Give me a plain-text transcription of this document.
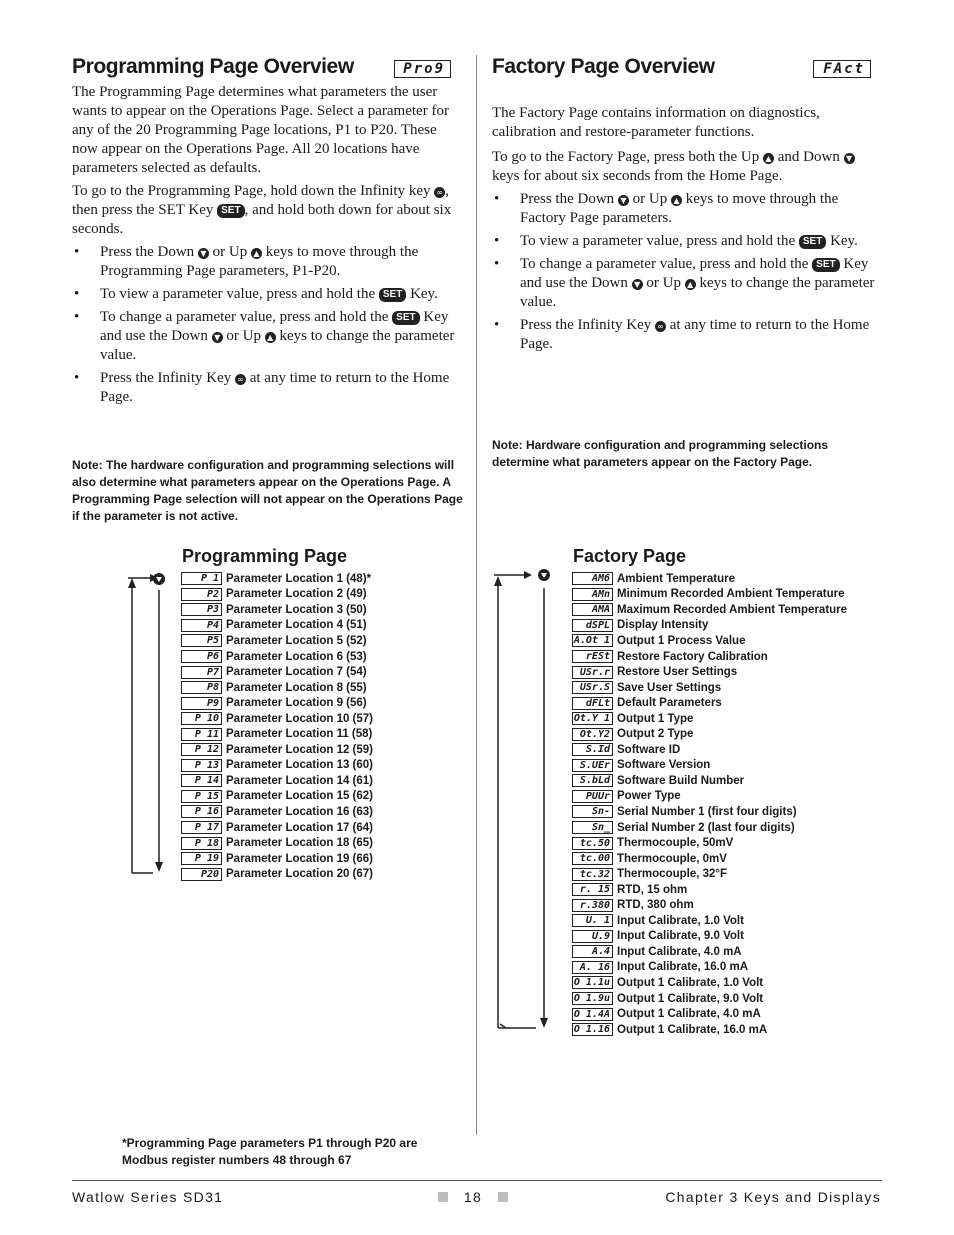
Programming Page Overview	Pro9

The Programming Page determines what parameters the user wants to appear on the Operations Page. Select a parameter for any of the 20 Programming Page locations, P1 to P20. These now appear on the Operations Page. All 20 locations have parameters selected as defaults.

To go to the Programming Page, hold down the Infinity key ∞ , then press the SET Key SET , and hold both down for about six seconds.

• Press the Down ▼ or Up ▲ keys to move through the Programming Page parameters, P1-P20.
• To view a parameter value, press and hold the SET Key.
• To change a parameter value, press and hold the SET Key and use the Down ▼ or Up ▲ keys to change the parameter value.
• Press the Infinity Key ∞ at any time to return to the Home Page.
Note: The hardware configuration and programming selections will also determine what parameters appear on the Operations Page. A Programming Page selection will not appear on the Operations Page if the parameter is not active.
Programming Page
P 1 Parameter Location 1 (48)*
P2 Parameter Location 2 (49)
P3 Parameter Location 3 (50)
P4 Parameter Location 4 (51)
P5 Parameter Location 5 (52)
P6 Parameter Location 6 (53)
P7 Parameter Location 7 (54)
P8 Parameter Location 8 (55)
P9 Parameter Location 9 (56)
P 10 Parameter Location 10 (57)
P 11 Parameter Location 11 (58)
P 12 Parameter Location 12 (59)
P 13 Parameter Location 13 (60)
P 14 Parameter Location 14 (61)
P 15 Parameter Location 15 (62)
P 16 Parameter Location 16 (63)
P 17 Parameter Location 17 (64)
P 18 Parameter Location 18 (65)
P 19 Parameter Location 19 (66)
P20 Parameter Location 20 (67)
*Programming Page parameters P1 through P20 are Modbus register numbers 48 through 67
Factory Page Overview	FAct

The Factory Page contains information on diagnostics, calibration and restore-parameter functions.

To go to the Factory Page, press both the Up ▲ and Down ▼ keys for about six seconds from the Home Page.

• Press the Down ▼ or Up ▲ keys to move through the Factory Page parameters.
• To view a parameter value, press and hold the SET Key.
• To change a parameter value, press and hold the SET Key and use the Down ▼ or Up ▲ keys to change the parameter value.
• Press the Infinity Key ∞ at any time to return to the Home Page.
Note: Hardware configuration and programming selections determine what parameters appear on the Factory Page.
Factory Page
AM6 Ambient Temperature
AMn Minimum Recorded Ambient Temperature
AMA Maximum Recorded Ambient Temperature
dSPL Display Intensity
A.Ot 1 Output 1 Process Value
rESt Restore Factory Calibration
USr.r Restore User Settings
USr.S Save User Settings
dFLt Default Parameters
Ot.Y 1 Output 1 Type
Ot.Y2 Output 2 Type
S.Id Software ID
S.UEr Software Version
S.bLd Software Build Number
PUUr Power Type
Sn- Serial Number 1 (first four digits)
Sn_ Serial Number 2 (last four digits)
tc.50 Thermocouple, 50mV
tc.00 Thermocouple, 0mV
tc.32 Thermocouple, 32°F
r. 15 RTD, 15 ohm
r.380 RTD, 380 ohm
U. 1 Input Calibrate, 1.0 Volt
U.9 Input Calibrate, 9.0 Volt
A.4 Input Calibrate, 4.0 mA
A. 16 Input Calibrate, 16.0 mA
O 1.1u Output 1 Calibrate, 1.0 Volt
O 1.9u Output 1 Calibrate, 9.0 Volt
O 1.4A Output 1 Calibrate, 4.0 mA
O 1.16 Output 1 Calibrate, 16.0 mA
Watlow Series SD31	18	Chapter 3 Keys and Displays
